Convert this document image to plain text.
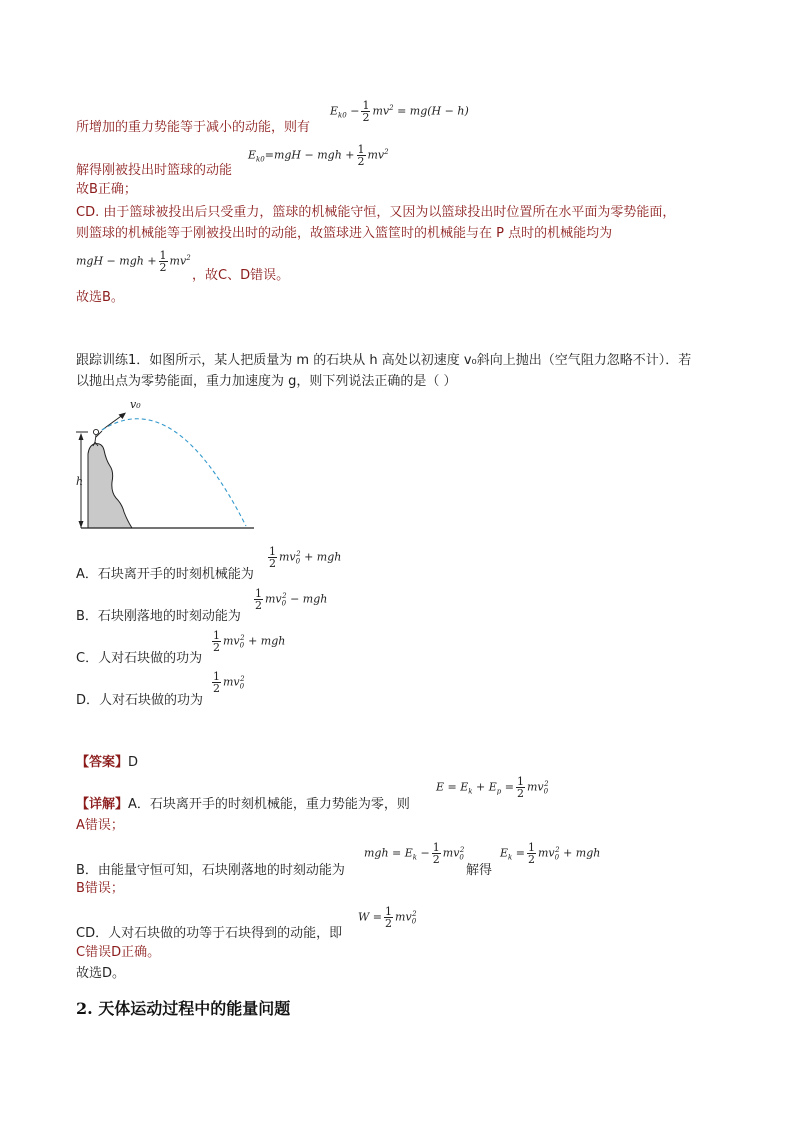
所增加的重力势能等于减小的动能，则有
$E_{k0} - \frac{1}{2} mv^2 = mg(H - h)$
解得刚被投出时篮球的动能
$E_{k0}=mgH$ − mgh + $\frac{1}{2} mv^2$
故B正确；
CD. 由于篮球被投出后只受重力，篮球的机械能守恒，又因为以篮球投出时位置所在水平面为零势能面，
则篮球的机械能等于刚被投出时的动能，故篮球进入篮筐时的机械能与在 P 点时的机械能均为
mgH − mgh + $\frac{1}{2} mv^2$
，故C、D错误。
故选B。
跟踪训练1．如图所示，某人把质量为 m 的石块从 h 高处以初速度 v₀斜向上抛出（空气阻力忽略不计）．若
以抛出点为零势能面，重力加速度为 g，则下列说法正确的是（ ）
h
v₀
A．石块离开手的时刻机械能为
$\frac{1}{2} mv_0^2$ + mgh
B．石块刚落地的时刻动能为
$\frac{1}{2} mv_0^2$ − mgh
C．人对石块做的功为
$\frac{1}{2} mv_0^2$ + mgh
D．人对石块做的功为
$\frac{1}{2} mv_0^2$
【答案】D
【详解】A．石块离开手的时刻机械能，重力势能为零，则
$E = E_k + E_p = \frac{1}{2} mv_0^2$
A错误；
B．由能量守恒可知，石块刚落地的时刻动能为
mgh = $E_k - \frac{1}{2} mv_0^2$
解得
$E_k = \frac{1}{2} mv_0^2$ + mgh
B错误；
CD．人对石块做的功等于石块得到的动能，即
$W = \frac{1}{2} mv_0^2$
C错误D正确。
故选D。
2. 天体运动过程中的能量问题
